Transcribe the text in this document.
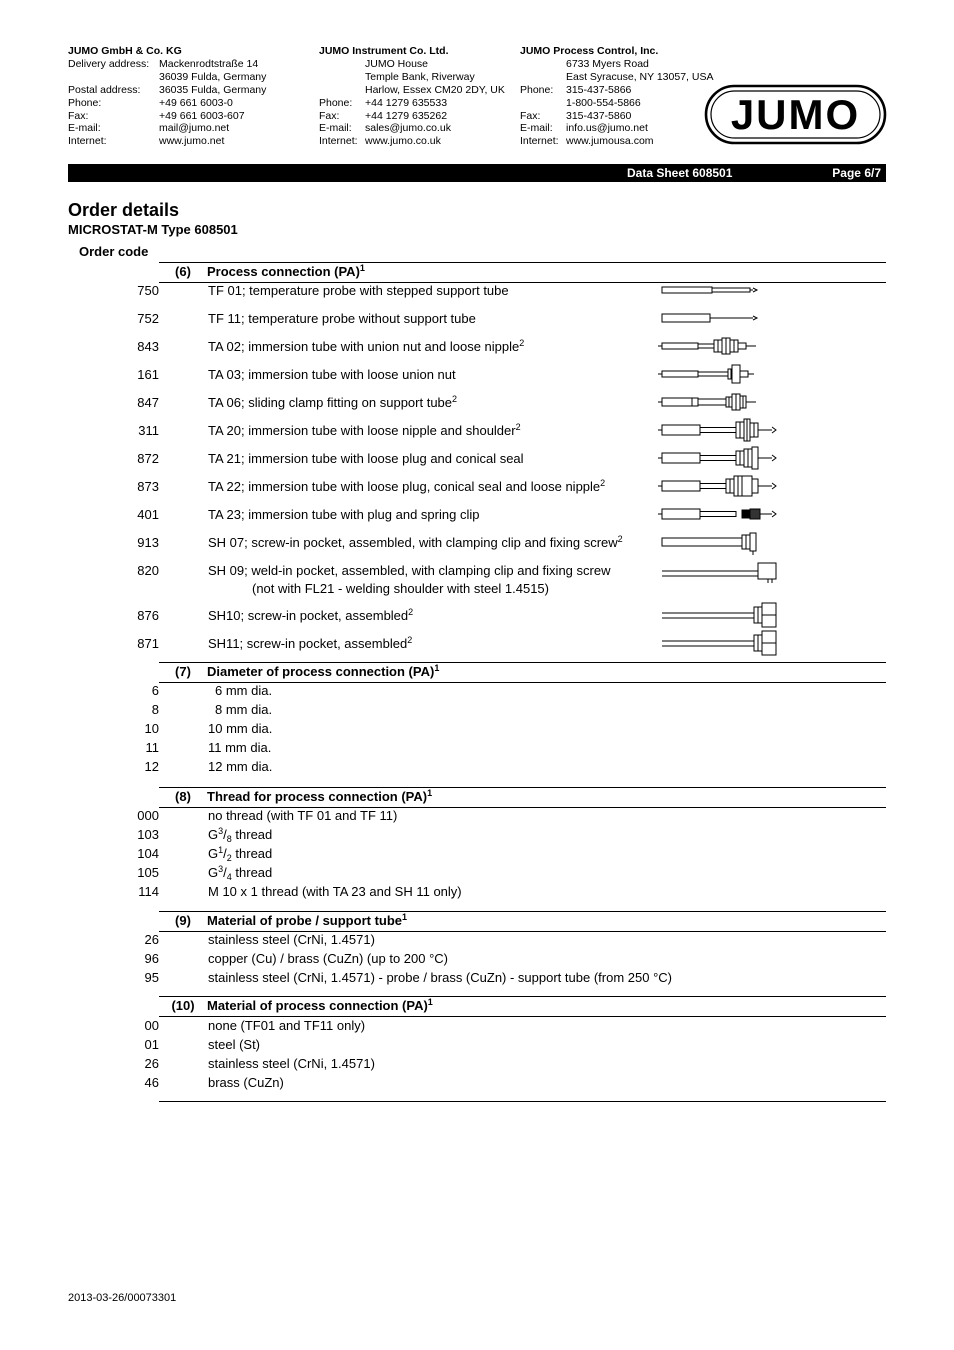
JUMO GmbH & Co. KG
Delivery address: Mackenrodtstraße 14
36039 Fulda, Germany
Postal address:	36035 Fulda, Germany
Phone:	+49 661 6003-0
Fax:	+49 661 6003-607
E-mail:	mail@jumo.net
Internet:	www.jumo.net
JUMO Instrument Co. Ltd.
JUMO House
Temple Bank, Riverway
Harlow, Essex CM20 2DY, UK
Phone:	+44 1279 635533
Fax:	+44 1279 635262
E-mail:	sales@jumo.co.uk
Internet: www.jumo.co.uk
JUMO Process Control, Inc.
6733 Myers Road
East Syracuse, NY 13057, USA
Phone:	315-437-5866
1-800-554-5866
Fax:	315-437-5860
E-mail:	info.us@jumo.net
Internet: www.jumousa.com
JUMO
Data Sheet 608501	Page 6/7
Order details
MICROSTAT-M Type 608501
Order code
(6)	Process connection (PA)$^1$
750	TF 01; temperature probe with stepped support tube
752	TF 11; temperature probe without support tube
843	TA 02; immersion tube with union nut and loose nipple$^2$
161	TA 03; immersion tube with loose union nut
847	TA 06; sliding clamp fitting on support tube$^2$
311	TA 20; immersion tube with loose nipple and shoulder$^2$
872	TA 21; immersion tube with loose plug and conical seal
873	TA 22; immersion tube with loose plug, conical seal and loose nipple$^2$
401	TA 23; immersion tube with plug and spring clip
913	SH 07; screw-in pocket, assembled, with clamping clip and fixing screw$^2$
820	SH 09; weld-in pocket, assembled, with clamping clip and fixing screw
(not with FL21 - welding shoulder with steel 1.4515)
876	SH10; screw-in pocket, assembled$^2$
871	SH11; screw-in pocket, assembled$^2$
(7)	Diameter of process connection (PA)$^1$
6	6 mm dia.
8	8 mm dia.
10	10 mm dia.
11	11 mm dia.
12	12 mm dia.
(8)	Thread for process connection (PA)$^1$
000	no thread (with TF 01 and TF 11)
103	$G^3/_8$ thread
104	$G^1/_2$ thread
105	$G^3/_4$ thread
114	M 10 x 1 thread (with TA 23 and SH 11 only)
(9)	Material of probe / support tube$^1$
26	stainless steel (CrNi, 1.4571)
96	copper (Cu) / brass (CuZn) (up to 200 °C)
95	stainless steel (CrNi, 1.4571) - probe / brass (CuZn) - support tube (from 250 °C)
(10) Material of process connection (PA)$^1$
00	none (TF01 and TF11 only)
01	steel (St)
26	stainless steel (CrNi, 1.4571)
46	brass (CuZn)
2013-03-26/00073301
